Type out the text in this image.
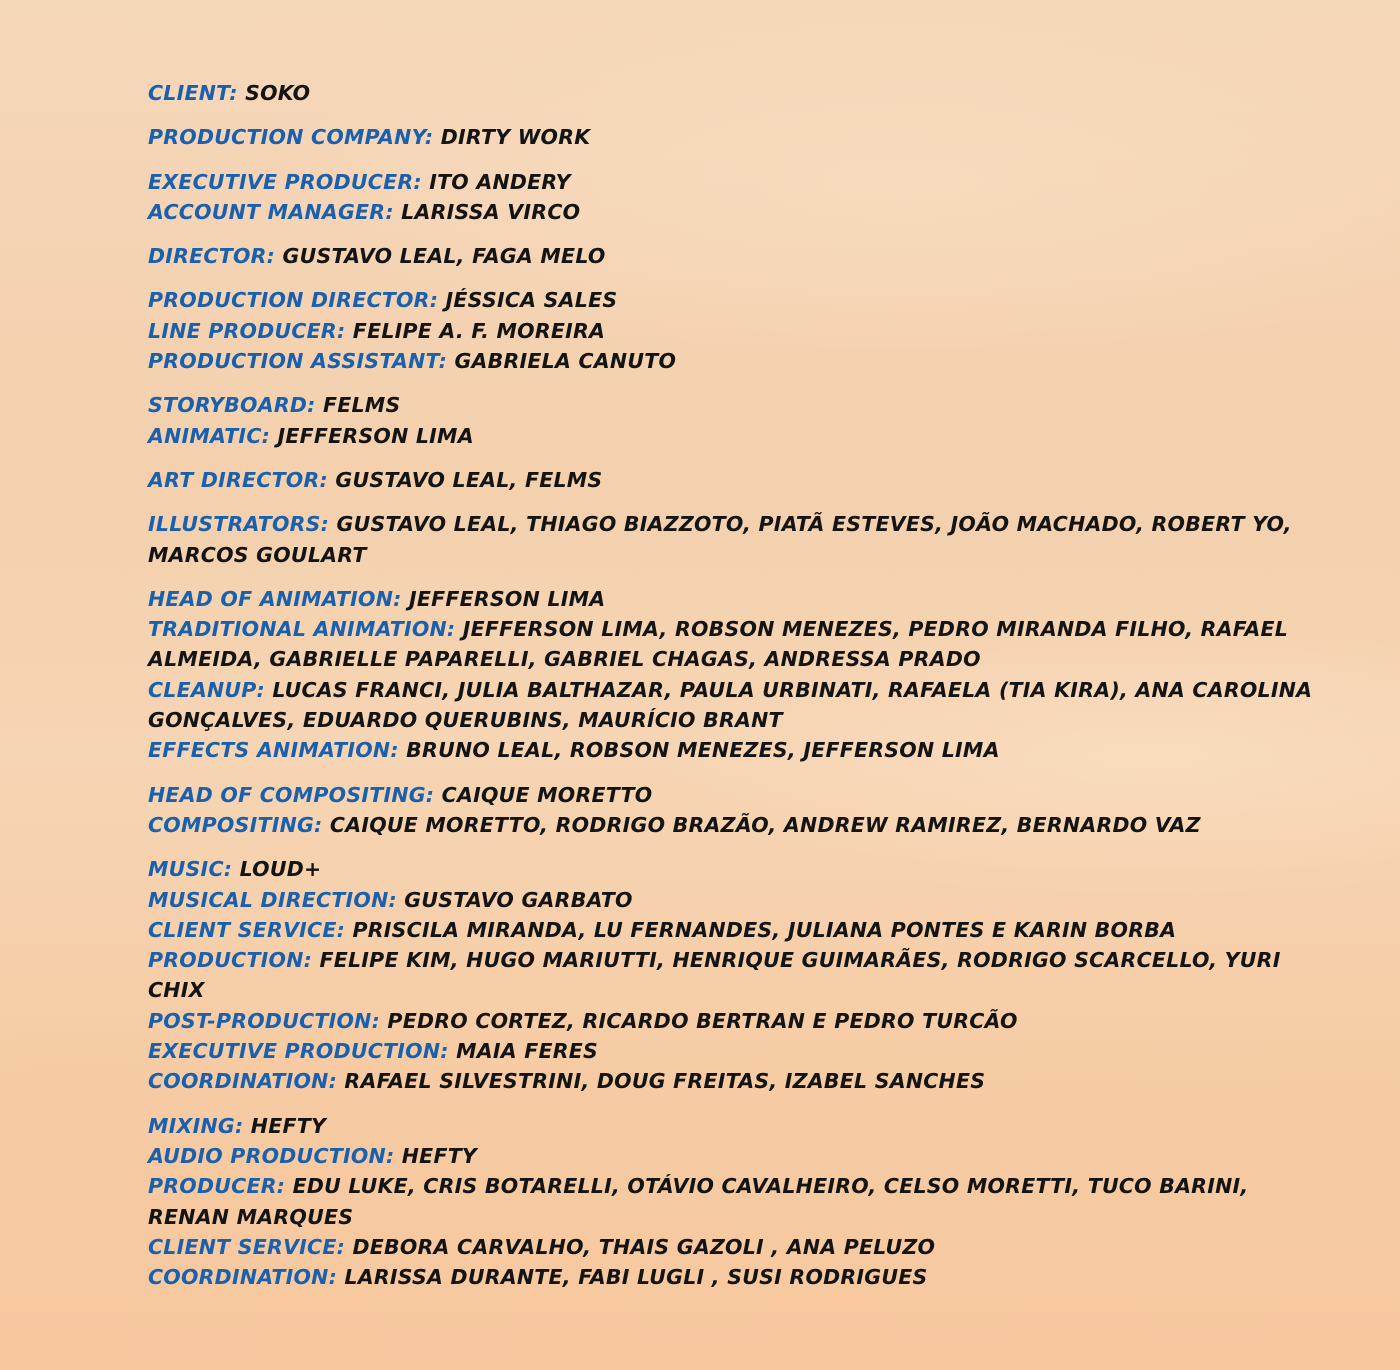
CLIENT: SOKO
PRODUCTION COMPANY: DIRTY WORK
EXECUTIVE PRODUCER: ITO ANDERY
ACCOUNT MANAGER: LARISSA VIRCO
DIRECTOR: GUSTAVO LEAL, FAGA MELO
PRODUCTION DIRECTOR: JÉSSICA SALES
LINE PRODUCER: FELIPE A. F. MOREIRA
PRODUCTION ASSISTANT: GABRIELA CANUTO
STORYBOARD: FELMS
ANIMATIC: JEFFERSON LIMA
ART DIRECTOR: GUSTAVO LEAL, FELMS
ILLUSTRATORS: GUSTAVO LEAL, THIAGO BIAZZOTO, PIATÃ ESTEVES, JOÃO MACHADO, ROBERT YO, MARCOS GOULART
HEAD OF ANIMATION: JEFFERSON LIMA
TRADITIONAL ANIMATION: JEFFERSON LIMA, ROBSON MENEZES, PEDRO MIRANDA FILHO, RAFAEL ALMEIDA, GABRIELLE PAPARELLI, GABRIEL CHAGAS, ANDRESSA PRADO
CLEANUP: LUCAS FRANCI, JULIA BALTHAZAR, PAULA URBINATI, RAFAELA (TIA KIRA), ANA CAROLINA GONÇALVES, EDUARDO QUERUBINS, MAURÍCIO BRANT
EFFECTS ANIMATION: BRUNO LEAL, ROBSON MENEZES, JEFFERSON LIMA
HEAD OF COMPOSITING: CAIQUE MORETTO
COMPOSITING: CAIQUE MORETTO, RODRIGO BRAZÃO, ANDREW RAMIREZ, BERNARDO VAZ
MUSIC: LOUD+
MUSICAL DIRECTION: GUSTAVO GARBATO
CLIENT SERVICE: PRISCILA MIRANDA, LU FERNANDES, JULIANA PONTES E KARIN BORBA
PRODUCTION: FELIPE KIM, HUGO MARIUTTI, HENRIQUE GUIMARÃES, RODRIGO SCARCELLO, YURI CHIX
POST-PRODUCTION: PEDRO CORTEZ, RICARDO BERTRAN E PEDRO TURCÃO
EXECUTIVE PRODUCTION: MAIA FERES
COORDINATION: RAFAEL SILVESTRINI, DOUG FREITAS, IZABEL SANCHES
MIXING: HEFTY
AUDIO PRODUCTION: HEFTY
PRODUCER: EDU LUKE, CRIS BOTARELLI, OTÁVIO CAVALHEIRO, CELSO MORETTI, TUCO BARINI, RENAN MARQUES
CLIENT SERVICE: DEBORA CARVALHO, THAIS GAZOLI , ANA PELUZO
COORDINATION: LARISSA DURANTE, FABI LUGLI , SUSI RODRIGUES
